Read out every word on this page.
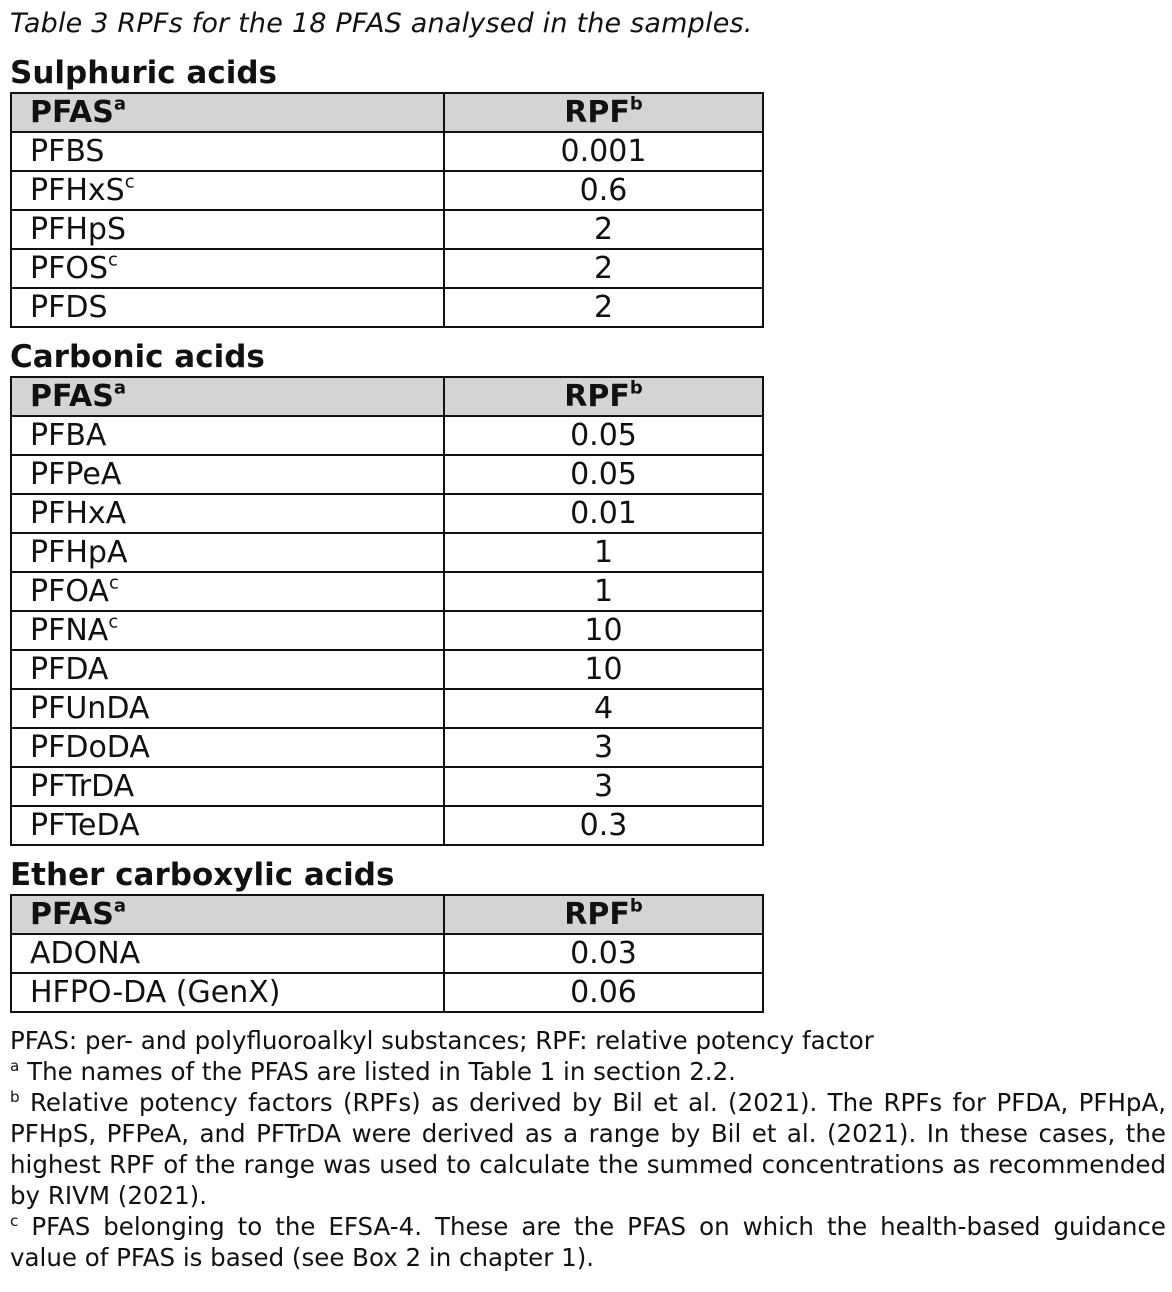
Table 3 RPFs for the 18 PFAS analysed in the samples.
Sulphuric acids
PFAS$^a$	RPF$^b$
PFBS	0.001
PFHxS$^c$	0.6
PFHpS	2
PFOS$^c$	2
PFDS	2
Carbonic acids
PFAS$^a$	RPF$^b$
PFBA	0.05
PFPeA	0.05
PFHxA	0.01
PFHpA	1
PFOA$^c$	1
PFNA$^c$	10
PFDA	10
PFUnDA	4
PFDoDA	3
PFTrDA	3
PFTeDA	0.3
Ether carboxylic acids
PFAS$^a$	RPF$^b$
ADONA	0.03
HFPO-DA (GenX)	0.06
PFAS: per- and polyfluoroalkyl substances; RPF: relative potency factor
$^a$ The names of the PFAS are listed in Table 1 in section 2.2.
$^b$ Relative potency factors (RPFs) as derived by Bil et al. (2021). The RPFs for PFDA, PFHpA, PFHpS, PFPeA, and PFTrDA were derived as a range by Bil et al. (2021). In these cases, the highest RPF of the range was used to calculate the summed concentrations as recommended by RIVM (2021).
$^c$ PFAS belonging to the EFSA-4. These are the PFAS on which the health-based guidance value of PFAS is based (see Box 2 in chapter 1).
